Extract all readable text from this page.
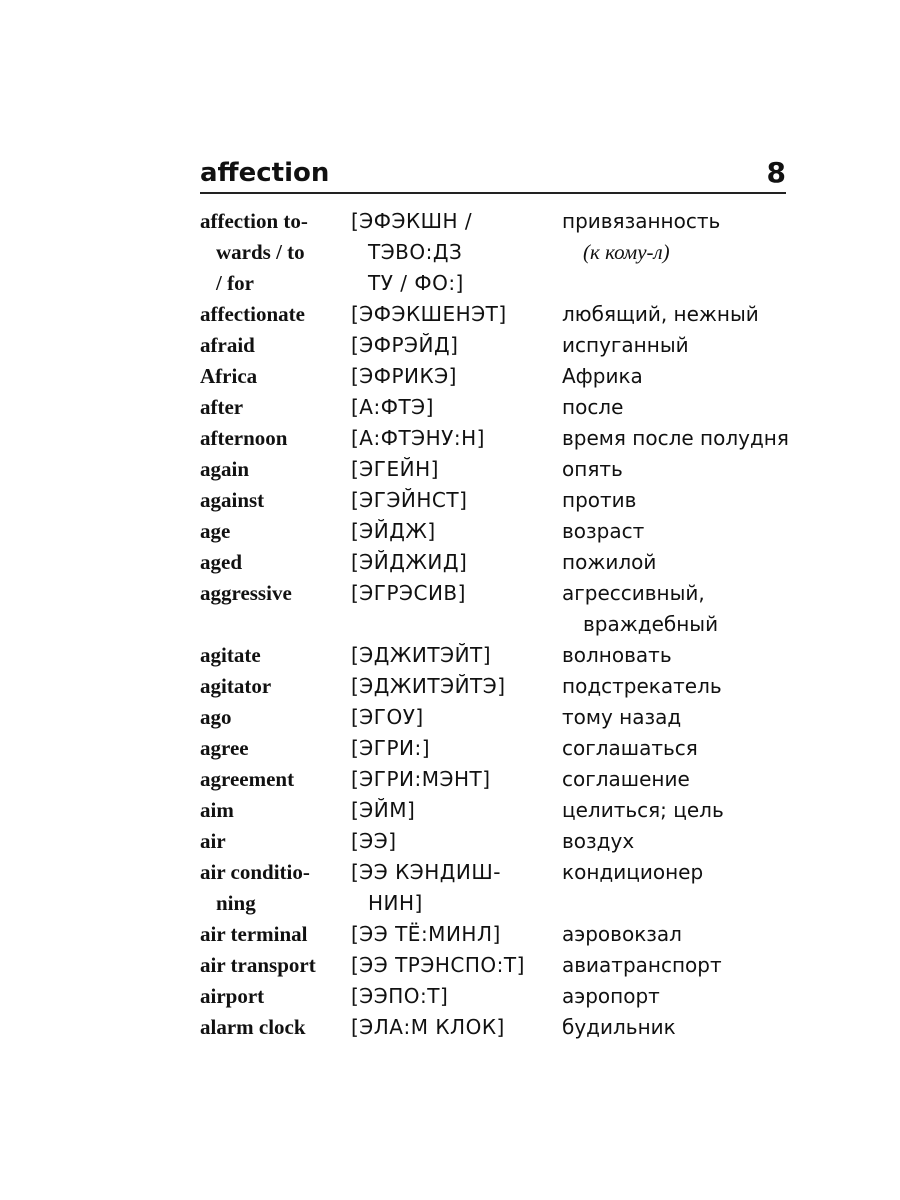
affection	8
affection to- [ЭФЭКШН /	привязанность
wards / to	ТЭВО:ДЗ	(к кому-л)
/ for	ТУ / ФО:]
affectionate [ЭФЭКШЕНЭТ]	любящий, нежный
afraid	[ЭФРЭЙД]	испуганный
Africa	[ЭФРИКЭ]	Африка
after	[А:ФТЭ]	после
afternoon	[А:ФТЭНУ:Н]	время после полудня
again	[ЭГЕЙН]	опять
against	[ЭГЭЙНСТ]	против
age	[ЭЙДЖ]	возраст
aged	[ЭЙДЖИД]	пожилой
aggressive	[ЭГРЭСИВ]	агрессивный,
враждебный
agitate	[ЭДЖИТЭЙТ]	волновать
agitator	[ЭДЖИТЭЙТЭ]	подстрекатель
ago	[ЭГОУ]	тому назад
agree	[ЭГРИ:]	соглашаться
agreement	[ЭГРИ:МЭНТ]	соглашение
aim	[ЭЙМ]	целиться; цель
air	[ЭЭ]	воздух
air conditio- [ЭЭ КЭНДИШ-	кондиционер
ning	НИН]
air terminal [ЭЭ ТЁ:МИНЛ]	аэровокзал
air transport [ЭЭ ТРЭНСПО:Т] авиатранспорт
airport	[ЭЭПО:Т]	аэропорт
alarm clock [ЭЛА:М КЛОК]	будильник
